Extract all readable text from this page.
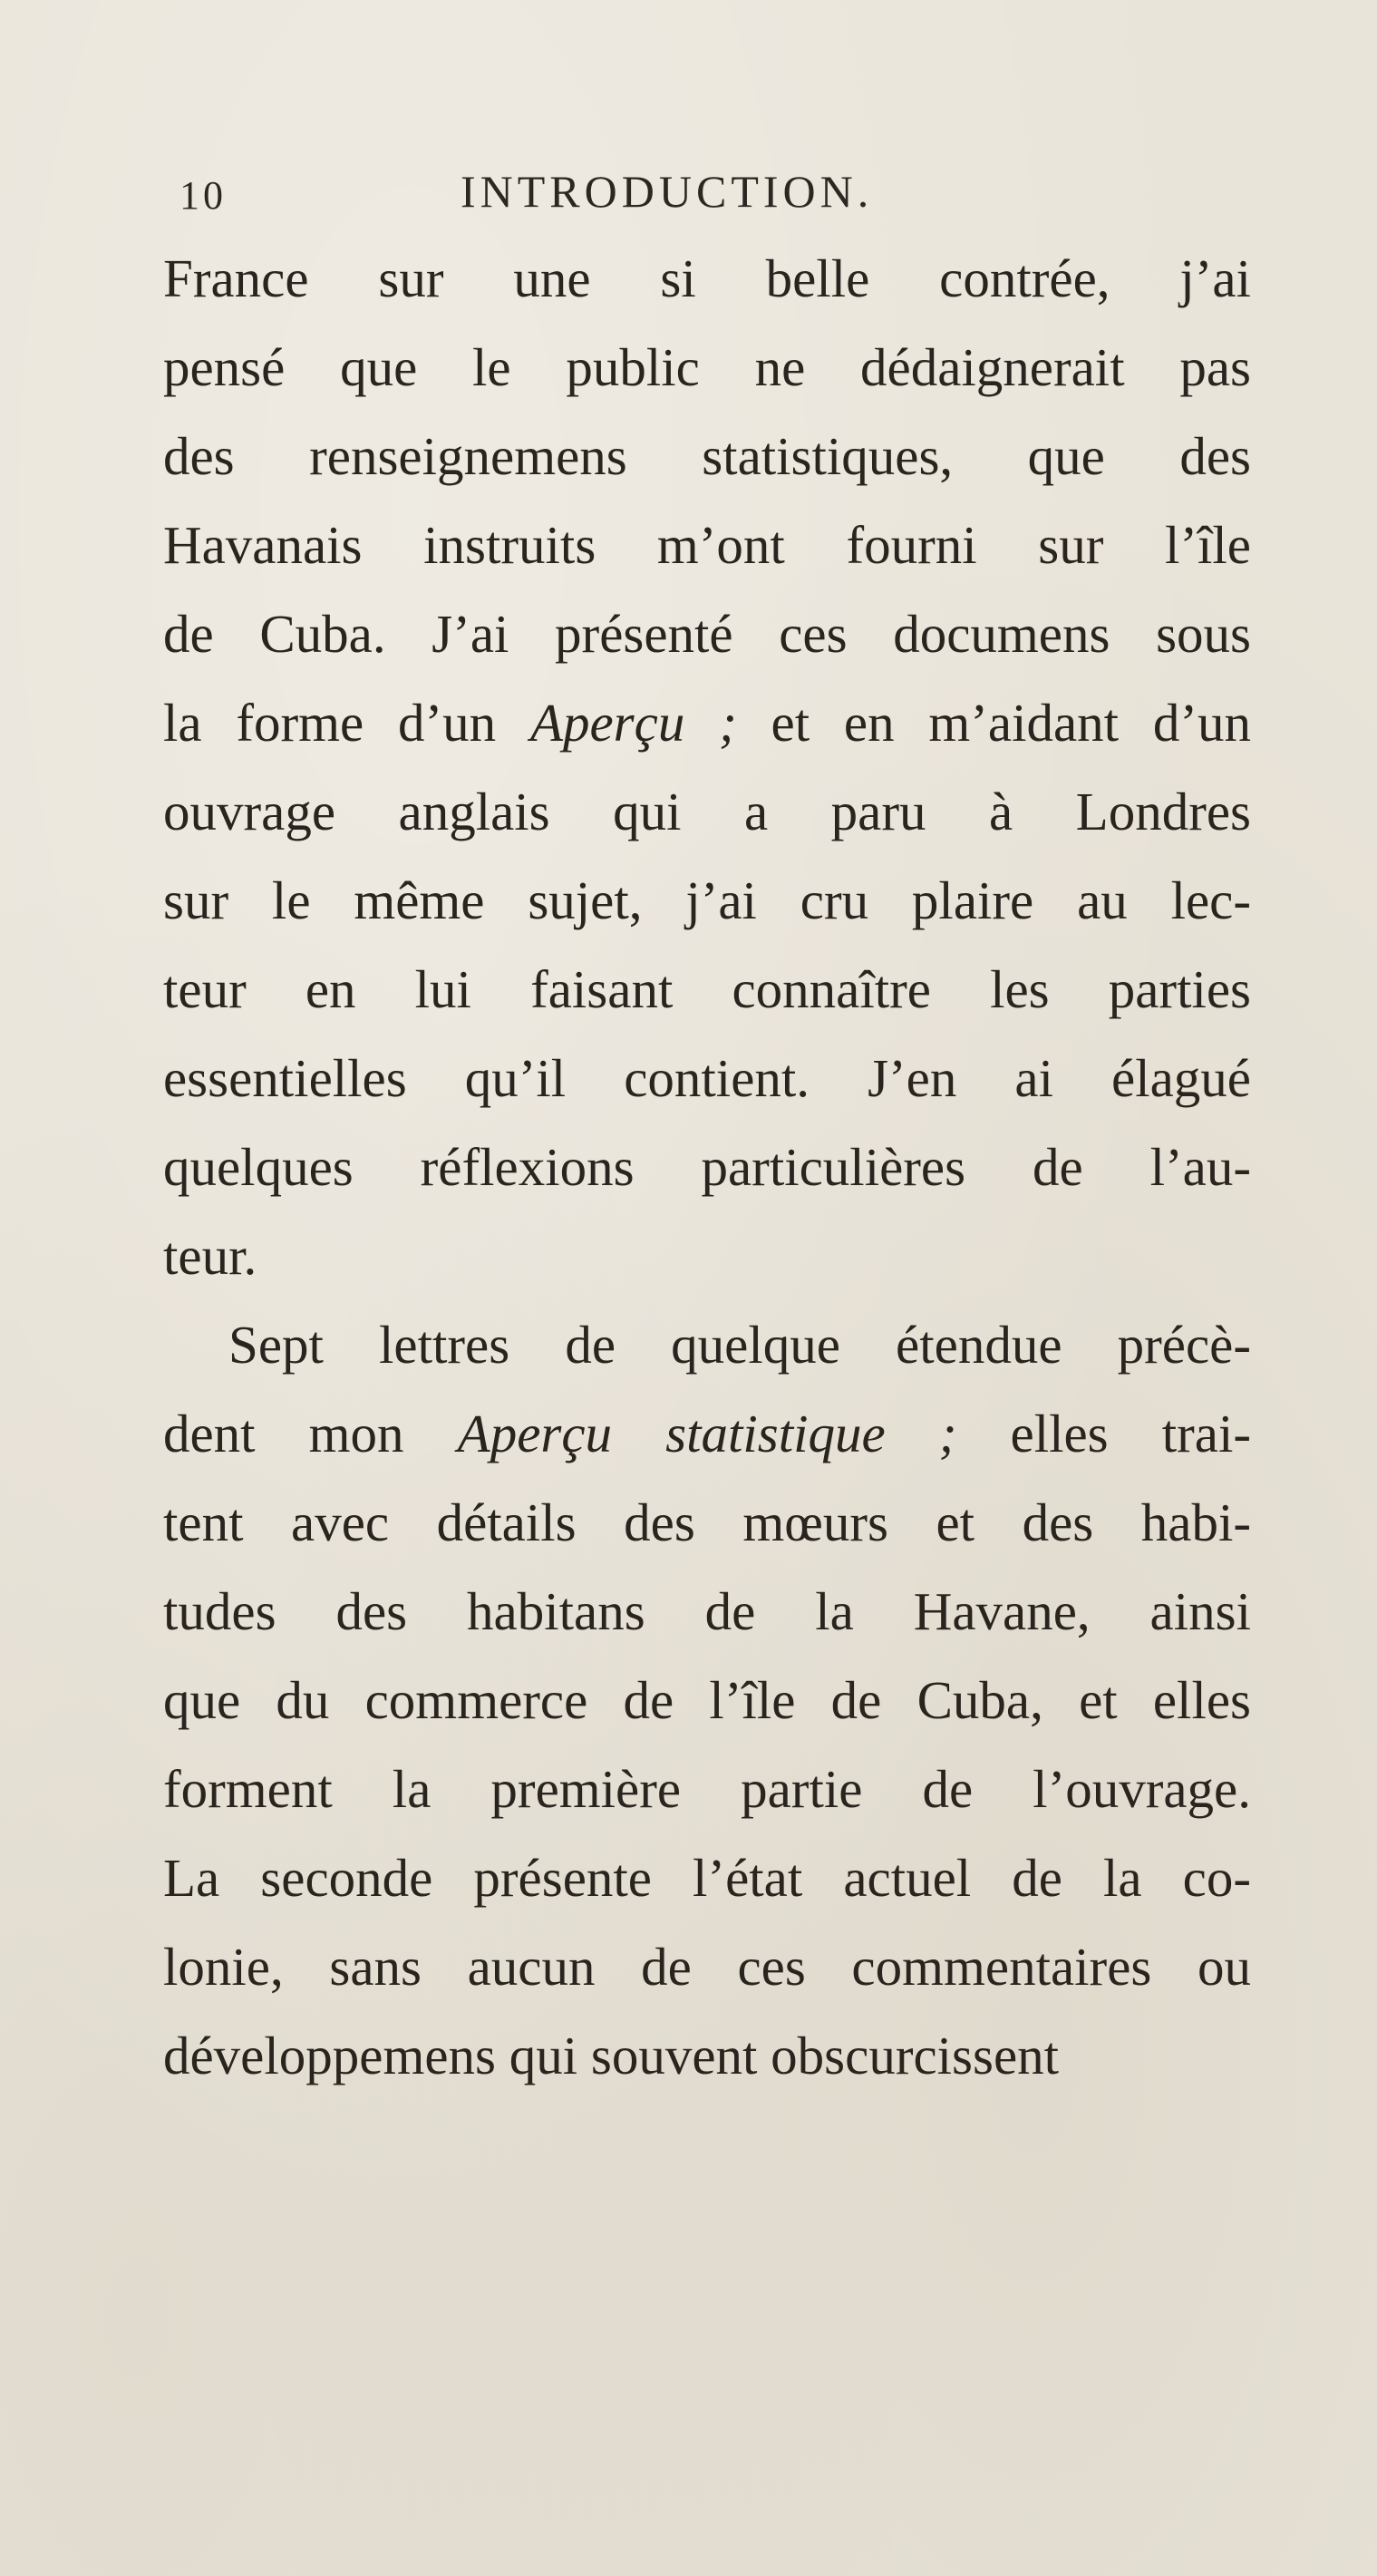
10	INTRODUCTION.
France sur une si belle contrée, j’ai
pensé que le public ne dédaignerait pas
des renseignemens statistiques, que des
Havanais instruits m’ont fourni sur l’île
de Cuba. J’ai présenté ces documens sous
la forme d’un Aperçu ; et en m’aidant d’un
ouvrage anglais qui a paru à Londres
sur le même sujet, j’ai cru plaire au lec-
teur en lui faisant connaître les parties
essentielles qu’il contient. J’en ai élagué
quelques réflexions particulières de l’au-
teur.
Sept lettres de quelque étendue précè-
dent mon Aperçu statistique ; elles trai-
tent avec détails des mœurs et des habi-
tudes des habitans de la Havane, ainsi
que du commerce de l’île de Cuba, et elles
forment la première partie de l’ouvrage.
La seconde présente l’état actuel de la co-
lonie, sans aucun de ces commentaires ou
développemens qui souvent obscurcissent
